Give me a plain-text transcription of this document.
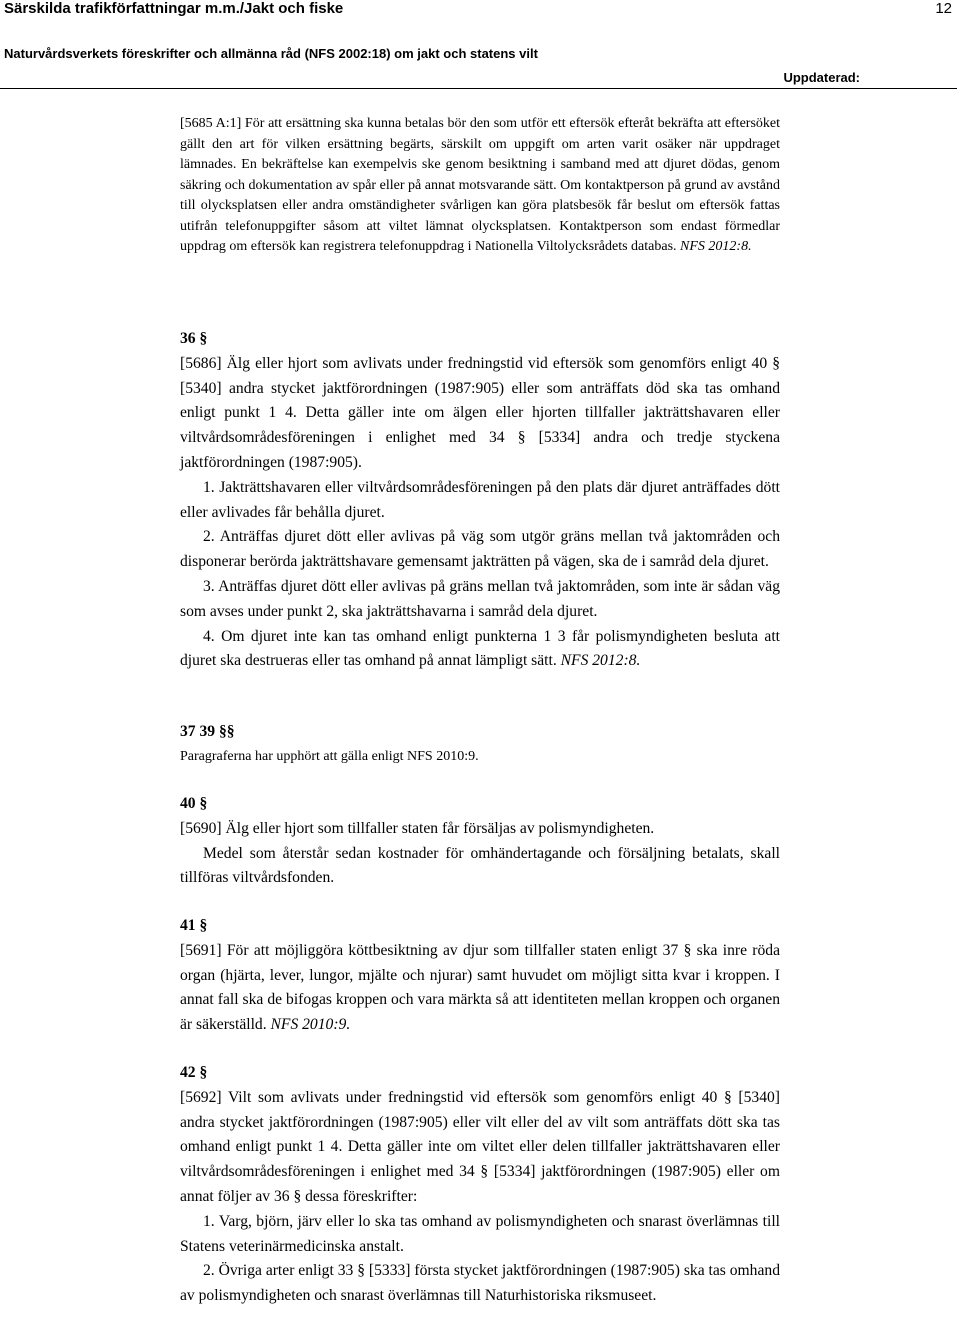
Särskilda trafikförfattningar m.m./Jakt och fiske	12
Naturvårdsverkets föreskrifter och allmänna råd (NFS 2002:18) om jakt och statens vilt
Uppdaterad:

[5685 A:1] För att ersättning ska kunna betalas bör den som utför ett eftersök efteråt bekräfta att eftersöket gällt den art för vilken ersättning begärts, särskilt om uppgift om arten varit osäker när uppdraget lämnades. En bekräftelse kan exempelvis ske genom besiktning i samband med att djuret dödas, genom säkring och dokumentation av spår eller på annat motsvarande sätt. Om kontaktperson på grund av avstånd till olycksplatsen eller andra omständigheter svårligen kan göra platsbesök får beslut om eftersök fattas utifrån telefonuppgifter såsom att viltet lämnat olycksplatsen. Kontaktperson som endast förmedlar uppdrag om eftersök kan registrera telefonuppdrag i Nationella Viltolycksrådets databas. NFS 2012:8.

36 §

[5686] Älg eller hjort som avlivats under fredningstid vid eftersök som genomförs enligt 40 § [5340] andra stycket jaktförordningen (1987:905) eller som anträffats död ska tas omhand enligt punkt 1 4. Detta gäller inte om älgen eller hjorten tillfaller jakträttshavaren eller viltvårdsområdesföreningen i enlighet med 34 § [5334] andra och tredje styckena jaktförordningen (1987:905).

1. Jakträttshavaren eller viltvårdsområdesföreningen på den plats där djuret anträffades dött eller avlivades får behålla djuret.

2. Anträffas djuret dött eller avlivas på väg som utgör gräns mellan två jaktområden och disponerar berörda jakträttshavare gemensamt jakträtten på vägen, ska de i samråd dela djuret.

3. Anträffas djuret dött eller avlivas på gräns mellan två jaktområden, som inte är sådan väg som avses under punkt 2, ska jakträttshavarna i samråd dela djuret.

4. Om djuret inte kan tas omhand enligt punkterna 1 3 får polismyndigheten besluta att djuret ska destrueras eller tas omhand på annat lämpligt sätt. NFS 2012:8.

37 39 §§

Paragraferna har upphört att gälla enligt NFS 2010:9.

40 §

[5690] Älg eller hjort som tillfaller staten får försäljas av polismyndigheten.

Medel som återstår sedan kostnader för omhändertagande och försäljning betalats, skall tillföras viltvårdsfonden.

41 §

[5691] För att möjliggöra köttbesiktning av djur som tillfaller staten enligt 37 § ska inre röda organ (hjärta, lever, lungor, mjälte och njurar) samt huvudet om möjligt sitta kvar i kroppen. I annat fall ska de bifogas kroppen och vara märkta så att identiteten mellan kroppen och organen är säkerställd. NFS 2010:9.

42 §

[5692] Vilt som avlivats under fredningstid vid eftersök som genomförs enligt 40 § [5340] andra stycket jaktförordningen (1987:905) eller vilt eller del av vilt som anträffats dött ska tas omhand enligt punkt 1 4. Detta gäller inte om viltet eller delen tillfaller jakträttshavaren eller viltvårdsområdesföreningen i enlighet med 34 § [5334] jaktförordningen (1987:905) eller om annat följer av 36 § dessa föreskrifter:

1. Varg, björn, järv eller lo ska tas omhand av polismyndigheten och snarast överlämnas till Statens veterinärmedicinska anstalt.

2. Övriga arter enligt 33 § [5333] första stycket jaktförordningen (1987:905) ska tas omhand av polismyndigheten och snarast överlämnas till Naturhistoriska riksmuseet.
